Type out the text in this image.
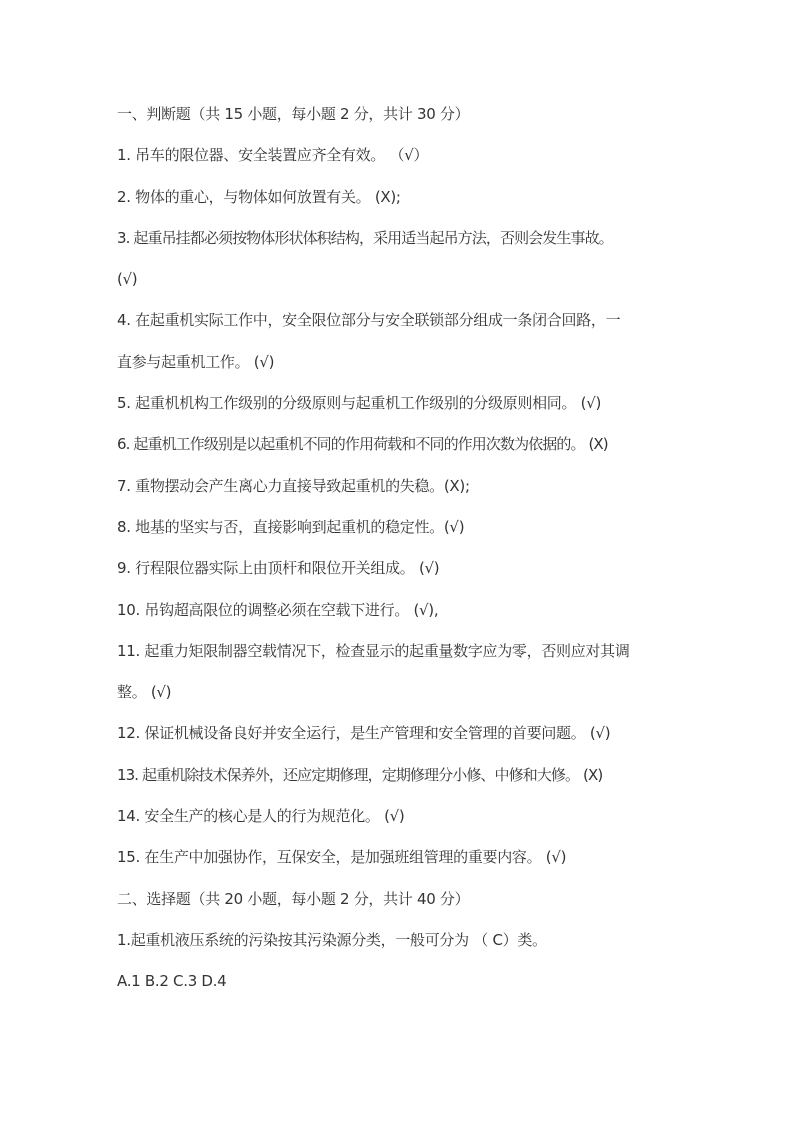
一、判断题（共 15 小题，每小题 2 分，共计 30 分）
1. 吊车的限位器、安全装置应齐全有效。 （√）
2. 物体的重心，与物体如何放置有关。 (X);
3. 起重吊挂都必须按物体形状体积结构，采用适当起吊方法，否则会发生事故。
(√)
4. 在起重机实际工作中，安全限位部分与安全联锁部分组成一条闭合回路，一
直参与起重机工作。 (√)
5. 起重机机构工作级别的分级原则与起重机工作级别的分级原则相同。 (√)
6. 起重机工作级别是以起重机不同的作用荷载和不同的作用次数为依据的。 (X)
7. 重物摆动会产生离心力直接导致起重机的失稳。(X);
8. 地基的坚实与否，直接影响到起重机的稳定性。(√)
9. 行程限位器实际上由顶杆和限位开关组成。 (√)
10. 吊钩超高限位的调整必须在空载下进行。 (√),
11. 起重力矩限制器空载情况下，检查显示的起重量数字应为零，否则应对其调
整。 (√)
12. 保证机械设备良好并安全运行，是生产管理和安全管理的首要问题。 (√)
13. 起重机除技术保养外，还应定期修理，定期修理分小修、中修和大修。 (X)
14. 安全生产的核心是人的行为规范化。 (√)
15. 在生产中加强协作，互保安全，是加强班组管理的重要内容。 (√)
二、选择题（共 20 小题，每小题 2 分，共计 40 分）
1.起重机液压系统的污染按其污染源分类，一般可分为 （ C）类。
A.1 B.2 C.3 D.4
